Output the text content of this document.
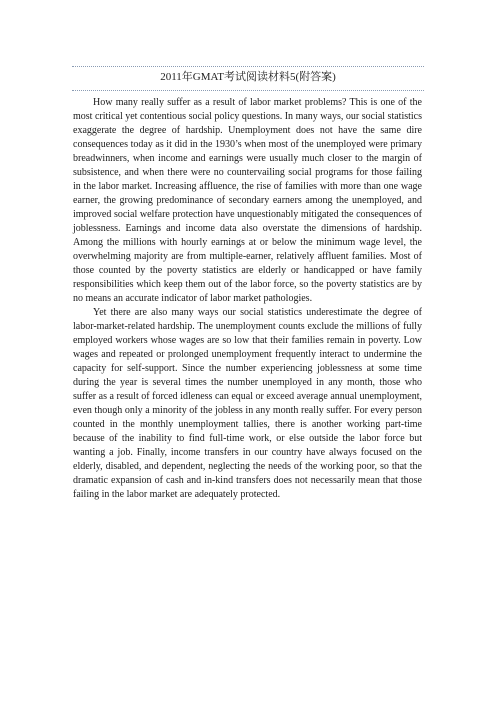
2011年GMAT考试阅读材料5(附答案)

How many really suffer as a result of labor market problems? This is one of the most critical yet contentious social policy questions. In many ways, our social statistics exaggerate the degree of hardship. Unemployment does not have the same dire consequences today as it did in the 1930’s when most of the unemployed were primary breadwinners, when income and earnings were usually much closer to the margin of subsistence, and when there were no countervailing social programs for those failing in the labor market. Increasing affluence, the rise of families with more than one wage earner, the growing predominance of secondary earners among the unemployed, and improved social welfare protection have unquestionably mitigated the consequences of joblessness. Earnings and income data also overstate the dimensions of hardship. Among the millions with hourly earnings at or below the minimum wage level, the overwhelming majority are from multiple-earner, relatively affluent families. Most of those counted by the poverty statistics are elderly or handicapped or have family responsibilities which keep them out of the labor force, so the poverty statistics are by no means an accurate indicator of labor market pathologies.

Yet there are also many ways our social statistics underestimate the degree of labor-market-related hardship. The unemployment counts exclude the millions of fully employed workers whose wages are so low that their families remain in poverty. Low wages and repeated or prolonged unemployment frequently interact to undermine the capacity for self-support. Since the number experiencing joblessness at some time during the year is several times the number unemployed in any month, those who suffer as a result of forced idleness can equal or exceed average annual unemployment, even though only a minority of the jobless in any month really suffer. For every person counted in the monthly unemployment tallies, there is another working part-time because of the inability to find full-time work, or else outside the labor force but wanting a job. Finally, income transfers in our country have always focused on the elderly, disabled, and dependent, neglecting the needs of the working poor, so that the dramatic expansion of cash and in-kind transfers does not necessarily mean that those failing in the labor market are adequately protected.
